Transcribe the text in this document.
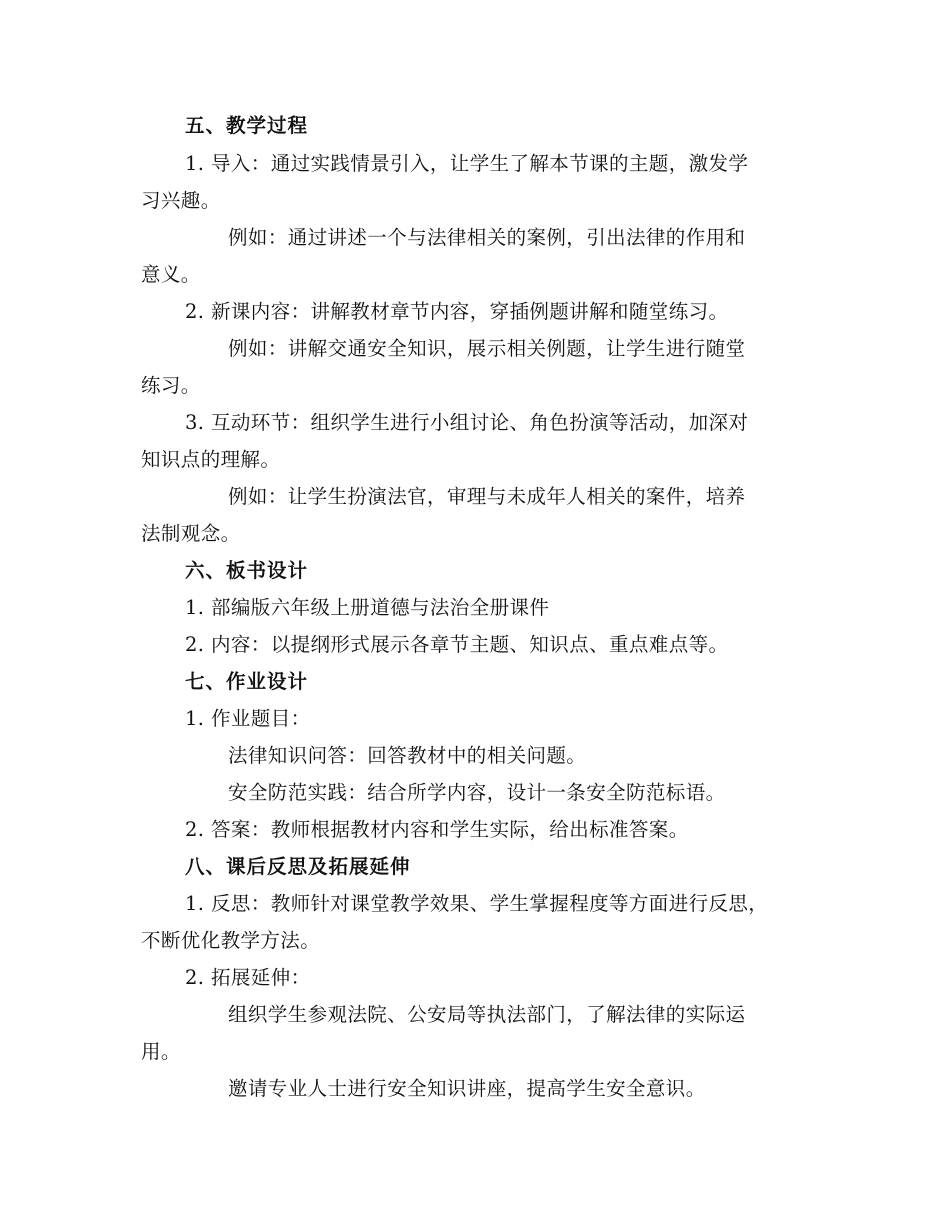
五、教学过程
1. 导入：通过实践情景引入，让学生了解本节课的主题，激发学
习兴趣。
例如：通过讲述一个与法律相关的案例，引出法律的作用和
意义。
2. 新课内容：讲解教材章节内容，穿插例题讲解和随堂练习。
例如：讲解交通安全知识，展示相关例题，让学生进行随堂
练习。
3. 互动环节：组织学生进行小组讨论、角色扮演等活动，加深对
知识点的理解。
例如：让学生扮演法官，审理与未成年人相关的案件，培养
法制观念。
六、板书设计
1. 部编版六年级上册道德与法治全册课件
2. 内容：以提纲形式展示各章节主题、知识点、重点难点等。
七、作业设计
1. 作业题目：
法律知识问答：回答教材中的相关问题。
安全防范实践：结合所学内容，设计一条安全防范标语。
2. 答案：教师根据教材内容和学生实际，给出标准答案。
八、课后反思及拓展延伸
1. 反思：教师针对课堂教学效果、学生掌握程度等方面进行反思，
不断优化教学方法。
2. 拓展延伸：
组织学生参观法院、公安局等执法部门，了解法律的实际运
用。
邀请专业人士进行安全知识讲座，提高学生安全意识。
